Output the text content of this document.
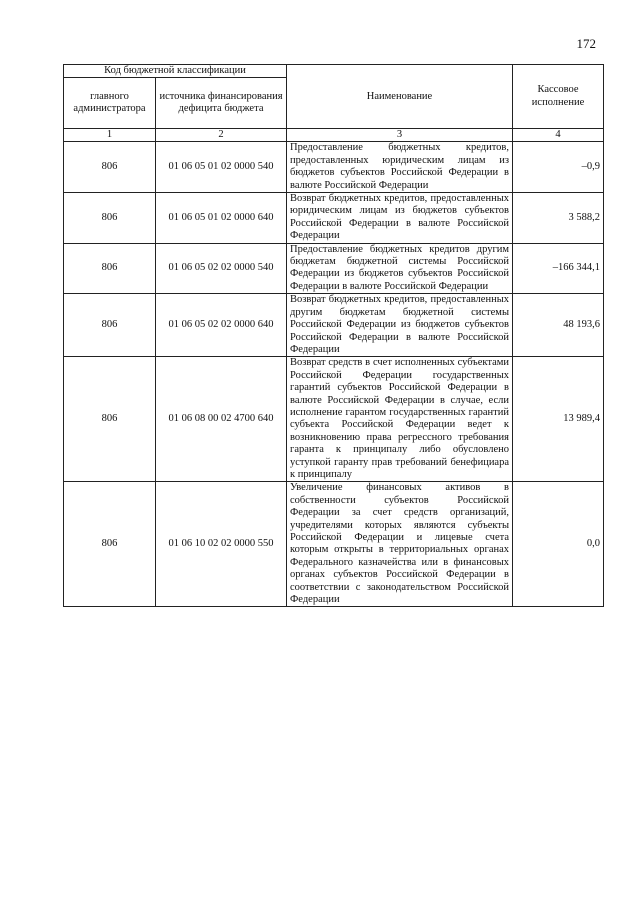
172
Код бюджетной классификации		Наименование	Кассовое исполнение
главного администратора	источника финансирования дефицита бюджета		
1	2	3	4
806	01 06 05 01 02 0000 540	Предоставление бюджетных кредитов, предоставленных юридическим лицам из бюджетов субъектов Российской Федерации в валюте Российской Федерации	–0,9
806	01 06 05 01 02 0000 640	Возврат бюджетных кредитов, предоставленных юридическим лицам из бюджетов субъектов Российской Федерации в валюте Российской Федерации	3 588,2
806	01 06 05 02 02 0000 540	Предоставление бюджетных кредитов другим бюджетам бюджетной системы Российской Федерации из бюджетов субъектов Российской Федерации в валюте Российской Федерации	–166 344,1
806	01 06 05 02 02 0000 640	Возврат бюджетных кредитов, предоставленных другим бюджетам бюджетной системы Российской Федерации из бюджетов субъектов Российской Федерации в валюте Российской Федерации	48 193,6
806	01 06 08 00 02 4700 640	Возврат средств в счет исполненных субъектами Российской Федерации государственных гарантий субъектов Российской Федерации в валюте Российской Федерации в случае, если исполнение гарантом государственных гарантий субъекта Российской Федерации ведет к возникновению права регрессного требования гаранта к принципалу либо обусловлено уступкой гаранту прав требований бенефициара к принципалу	13 989,4
806	01 06 10 02 02 0000 550	Увеличение финансовых активов в собственности субъектов Российской Федерации за счет средств организаций, учредителями которых являются субъекты Российской Федерации и лицевые счета которым открыты в территориальных органах Федерального казначейства или в финансовых органах субъектов Российской Федерации в соответствии с законодательством Российской Федерации	0,0
